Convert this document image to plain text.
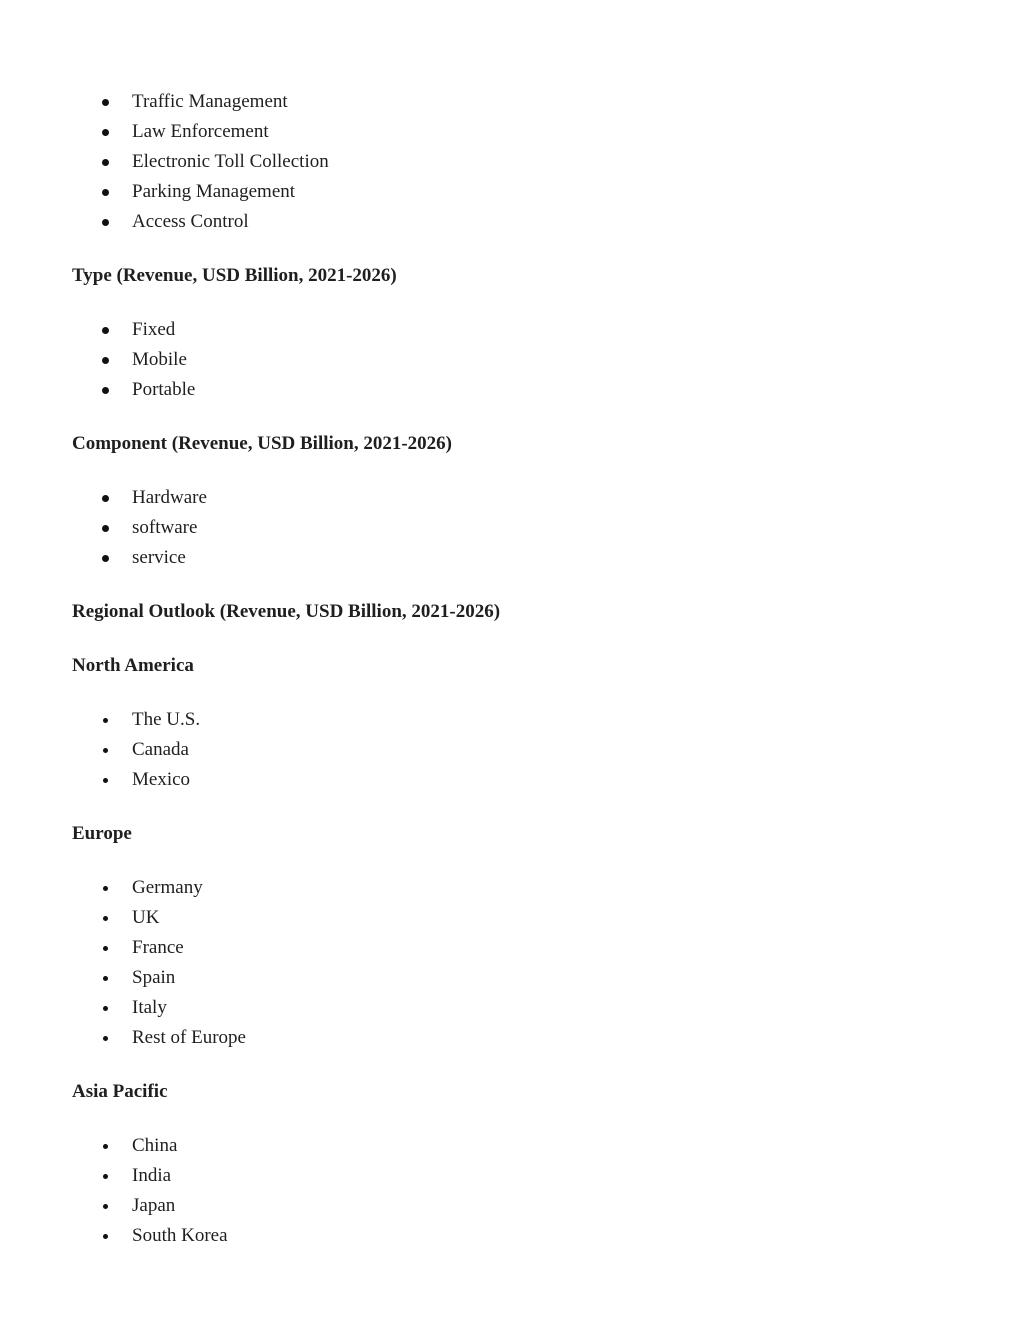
Traffic Management
Law Enforcement
Electronic Toll Collection
Parking Management
Access Control
Type (Revenue, USD Billion, 2021-2026)
Fixed
Mobile
Portable
Component (Revenue, USD Billion, 2021-2026)
Hardware
software
service
Regional Outlook (Revenue, USD Billion, 2021-2026)
North America
The U.S.
Canada
Mexico
Europe
Germany
UK
France
Spain
Italy
Rest of Europe
Asia Pacific
China
India
Japan
South Korea
